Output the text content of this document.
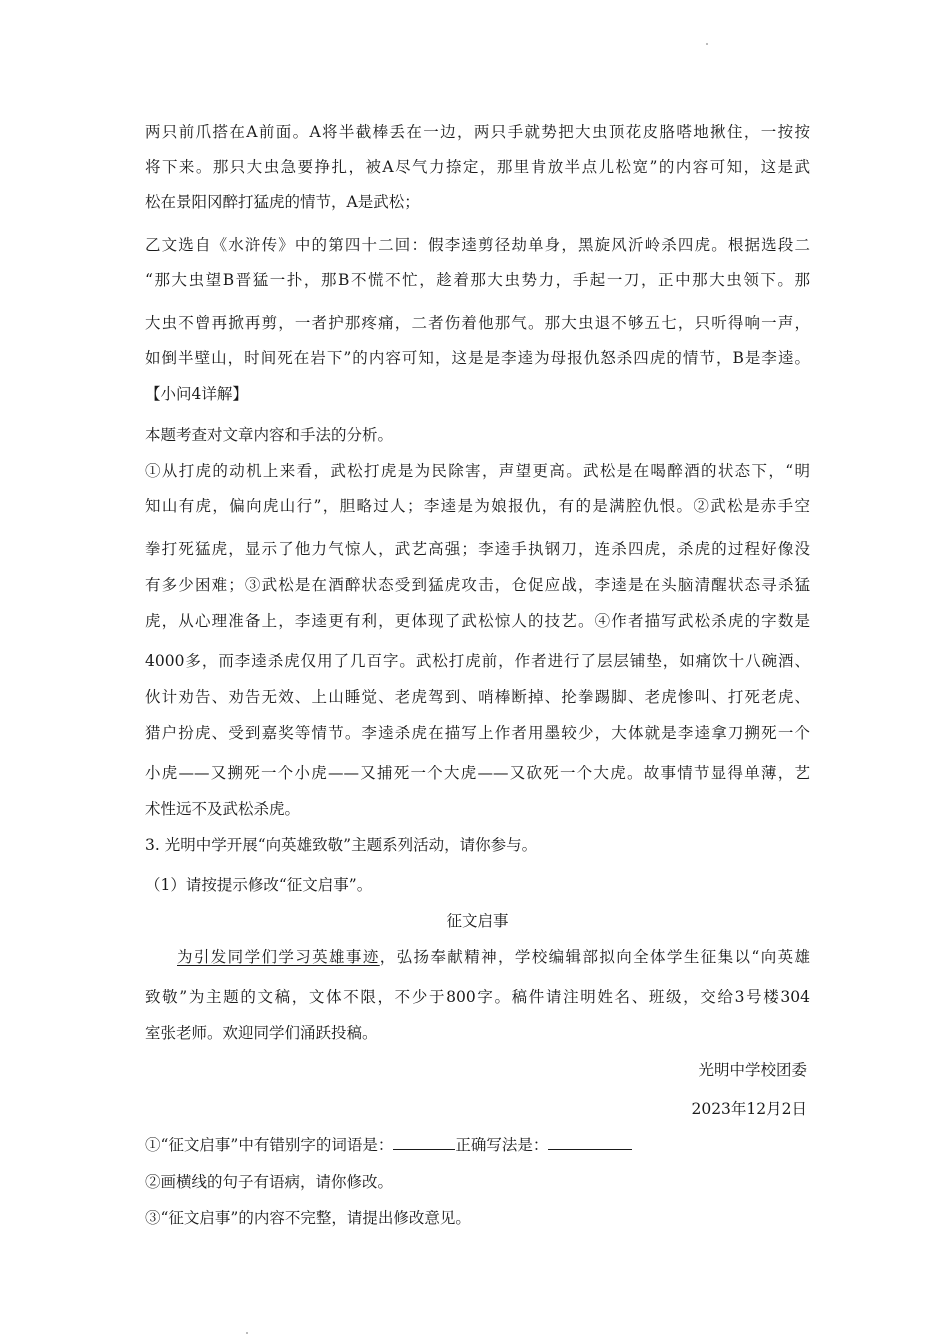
两只前爪搭在A前面。A将半截棒丢在一边，两只手就势把大虫顶花皮胳嗒地揪住，一按按
将下来。那只大虫急要挣扎，被A尽气力捺定，那里肯放半点儿松宽”的内容可知，这是武
松在景阳冈醉打猛虎的情节，A是武松；
乙文选自《水浒传》中的第四十二回：假李逵剪径劫单身，黑旋风沂岭杀四虎。根据选段二
“那大虫望B晋猛一扑，那B不慌不忙，趁着那大虫势力，手起一刀，正中那大虫领下。那
大虫不曾再掀再剪，一者护那疼痛，二者伤着他那气。那大虫退不够五七，只听得响一声，
如倒半壁山，时间死在岩下”的内容可知，这是是李逵为母报仇怒杀四虎的情节，B是李逵。
【小问4详解】
本题考查对文章内容和手法的分析。
①从打虎的动机上来看，武松打虎是为民除害，声望更高。武松是在喝醉酒的状态下，“明
知山有虎，偏向虎山行”，胆略过人；李逵是为娘报仇，有的是满腔仇恨。②武松是赤手空
拳打死猛虎，显示了他力气惊人，武艺高强；李逵手执钢刀，连杀四虎，杀虎的过程好像没
有多少困难；③武松是在酒醉状态受到猛虎攻击，仓促应战，李逵是在头脑清醒状态寻杀猛
虎，从心理准备上，李逵更有利，更体现了武松惊人的技艺。④作者描写武松杀虎的字数是
4000多，而李逵杀虎仅用了几百字。武松打虎前，作者进行了层层铺垫，如痛饮十八碗酒、
伙计劝告、劝告无效、上山睡觉、老虎驾到、哨棒断掉、抡拳踢脚、老虎惨叫、打死老虎、
猎户扮虎、受到嘉奖等情节。李逵杀虎在描写上作者用墨较少，大体就是李逵拿刀搠死一个
小虎——又搠死一个小虎——又捕死一个大虎——又砍死一个大虎。故事情节显得单薄，艺
术性远不及武松杀虎。
3. 光明中学开展“向英雄致敬”主题系列活动，请你参与。
（1）请按提示修改“征文启事”。
征文启事
为引发同学们学习英雄事迹，弘扬奉献精神，学校编辑部拟向全体学生征集以“向英雄
致敬”为主题的文稿，文体不限，不少于800字。稿件请注明姓名、班级，交给3号楼304
室张老师。欢迎同学们涌跃投稿。
光明中学校团委
2023年12月2日
①“征文启事”中有错别字的词语是：	正确写法是：
②画横线的句子有语病，请你修改。
③“征文启事”的内容不完整，请提出修改意见。
